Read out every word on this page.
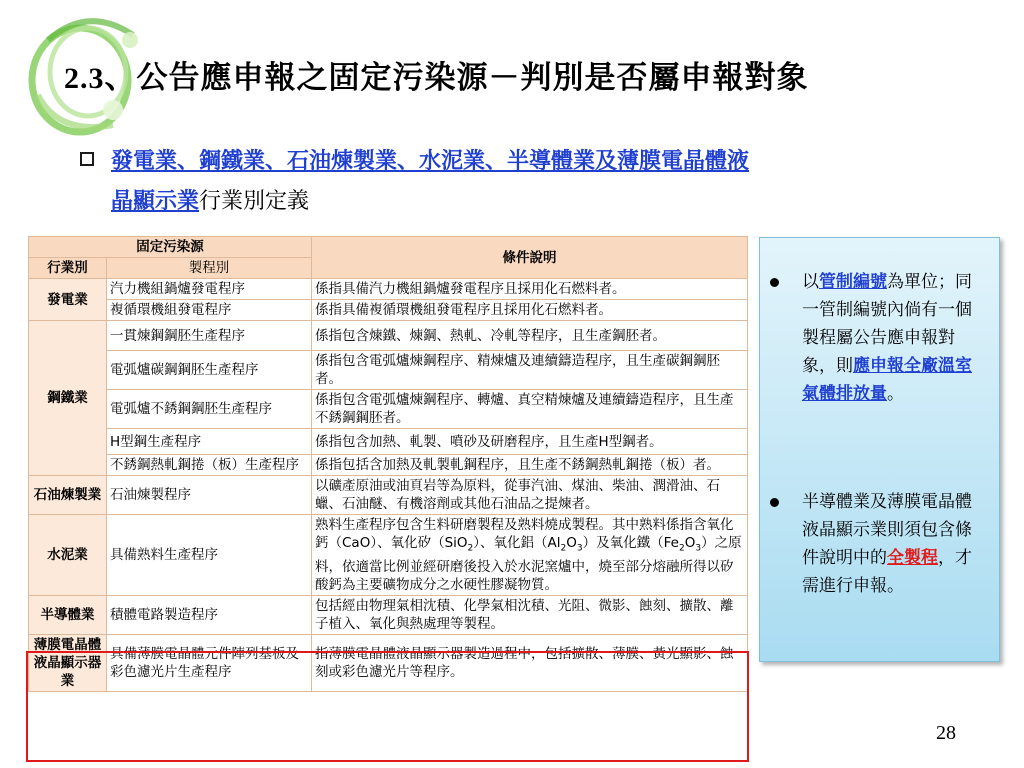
2.3、公告應申報之固定污染源－判別是否屬申報對象
發電業、鋼鐵業、石油煉製業、水泥業、半導體業及薄膜電晶體液
晶顯示業行業別定義
固定污染源		條件說明
行業別	製程別	
發電業	汽力機組鍋爐發電程序	係指具備汽力機組鍋爐發電程序且採用化石燃料者。
	複循環機組發電程序	係指具備複循環機組發電程序且採用化石燃料者。
鋼鐵業	一貫煉鋼鋼胚生產程序	係指包含煉鐵、煉鋼、熱軋、冷軋等程序，且生產鋼胚者。
	電弧爐碳鋼鋼胚生產程序	係指包含電弧爐煉鋼程序、精煉爐及連續鑄造程序，且生產碳鋼鋼胚者。
	電弧爐不銹鋼鋼胚生產程序	係指包含電弧爐煉鋼程序、轉爐、真空精煉爐及連續鑄造程序，且生產不銹鋼鋼胚者。
	H型鋼生產程序	係指包含加熱、軋製、噴砂及研磨程序，且生產H型鋼者。
	不銹鋼熱軋鋼捲（板）生產程序	係指包括含加熱及軋製軋鋼程序，且生產不銹鋼熱軋鋼捲（板）者。
石油煉製業	石油煉製程序	以礦產原油或油頁岩等為原料，從事汽油、煤油、柴油、潤滑油、石蠟、石油醚、有機溶劑或其他石油品之提煉者。
水泥業	具備熟料生產程序	熟料生產程序包含生料研磨製程及熟料燒成製程。其中熟料係指含氧化鈣（CaO）、氧化矽（SiO$_2$）、氧化鋁$(Al_2O_3)$及氧化鐵$(Fe_2O_3)$之原料，依適當比例並經研磨後投入於水泥窯爐中，燒至部分熔融所得以矽酸鈣為主要礦物成分之水硬性膠凝物質。
半導體業	積體電路製造程序	包括經由物理氣相沈積、化學氣相沈積、光阻、微影、蝕刻、擴散、離子植入、氧化與熱處理等製程。
薄膜電晶體液晶顯示器業	具備薄膜電晶體元件陣列基板及彩色濾光片生產程序	指薄膜電晶體液晶顯示器製造過程中，包括擴散、薄膜、黃光顯影、蝕刻或彩色濾光片等程序。
以管制編號為單位；同一管制編號內倘有一個製程屬公告應申報對象，則應申報全廠溫室氣體排放量。
半導體業及薄膜電晶體液晶顯示業則須包含條件說明中的全製程，才需進行申報。
28
